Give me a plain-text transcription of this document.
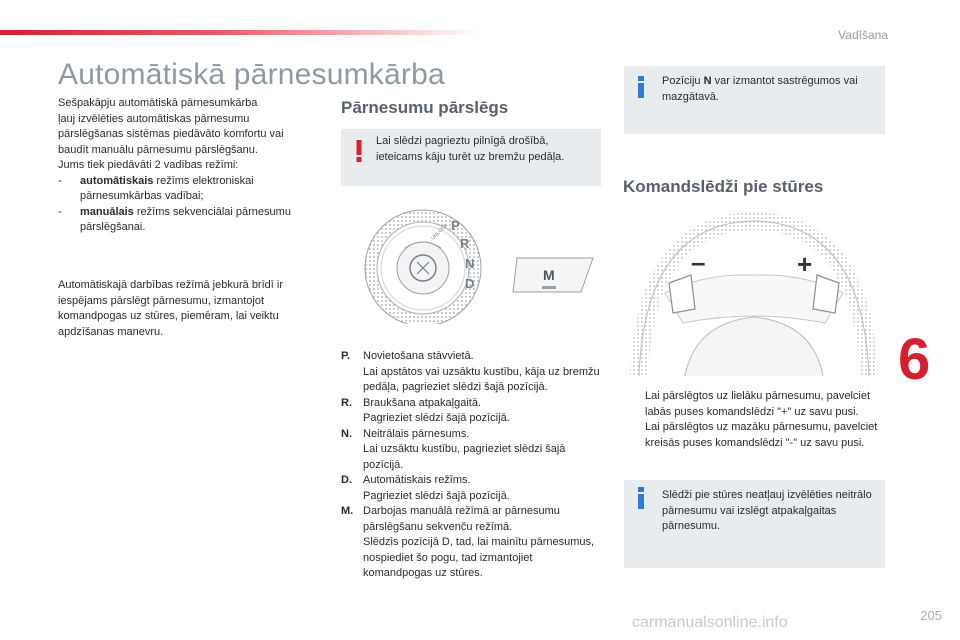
Vadīšana
Automātiskā pārnesumkārba
Sešpakāpju automātiskā pārnesumkārba
ļauj izvēlēties automātiskas pārnesumu
pārslēgšanas sistēmas piedāvāto komfortu vai
baudīt manuālu pārnesumu pārslēgšanu.
Jums tiek piedāvāti 2 vadības režīmi:
-	automātiskais režīms elektroniskai pārnesumkārbas vadībai;
-	manuālais režīms sekvenciālai pārnesumu pārslēgšanai.
Automātiskajā darbības režīmā jebkurā brīdī ir iespējams pārslēgt pārnesumu, izmantojot komandpogas uz stūres, piemēram, lai veiktu apdzīšanas manevru.
Pārnesumu pārslēgs
Lai slēdzi pagrieztu pilnīgā drošībā, ieteicams kāju turēt uz bremžu pedāļa.
UNLOCK P
R
N
D
M
P.	Novietošana stāvvietā.
Lai apstātos vai uzsāktu kustību, kāja uz bremžu pedāļa, pagrieziet slēdzi šajā pozīcijā.
R.	Braukšana atpakaļgaitā.
Pagrieziet slēdzi šajā pozīcijā.
N.	Neitrālais pārnesums.
Lai uzsāktu kustību, pagrieziet slēdzi šajā pozīcijā.
D.	Automātiskais režīms.
Pagrieziet slēdzi šajā pozīcijā.
M. Darbojas manuālā režīmā ar pārnesumu pārslēgšanu sekvenču režīmā.
Slēdzis pozīcijā D, tad, lai mainītu pārnesumus, nospiediet šo pogu, tad izmantojiet komandpogas uz stūres.
Pozīciju N var izmantot sastrēgumos vai mazgātavā.
Komandslēdži pie stūres
–	+
Lai pārslēgtos uz lielāku pārnesumu, pavelciet labās puses komandslēdzi "+" uz savu pusi.
Lai pārslēgtos uz mazāku pārnesumu, pavelciet kreisās puses komandslēdzi "-" uz savu pusi.
Slēdži pie stūres neatļauj izvēlēties neitrālo pārnesumu vai izslēgt atpakaļgaitas pārnesumu.
6
205
carmanualsonline.info
